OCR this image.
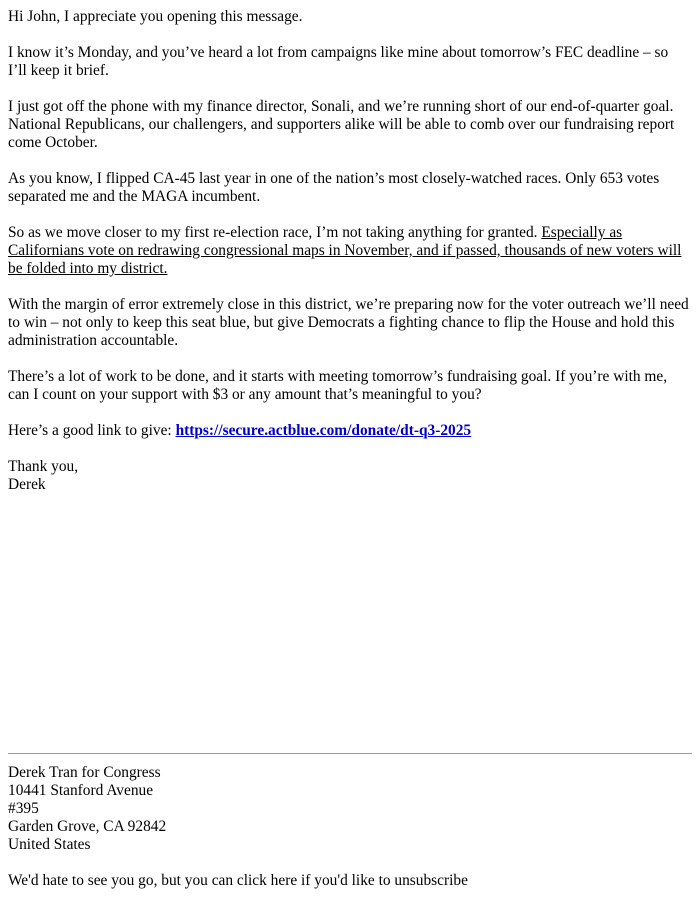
Hi John, I appreciate you opening this message.

I know it’s Monday, and you’ve heard a lot from campaigns like mine about tomorrow’s FEC deadline – so I’ll keep it brief.

I just got off the phone with my finance director, Sonali, and we’re running short of our end-of-quarter goal. National Republicans, our challengers, and supporters alike will be able to comb over our fundraising report come October.

As you know, I flipped CA-45 last year in one of the nation’s most closely-watched races. Only 653 votes separated me and the MAGA incumbent.

So as we move closer to my first re-election race, I’m not taking anything for granted. Especially as Californians vote on redrawing congressional maps in November, and if passed, thousands of new voters will be folded into my district.

With the margin of error extremely close in this district, we’re preparing now for the voter outreach we’ll need to win – not only to keep this seat blue, but give Democrats a fighting chance to flip the House and hold this administration accountable.

There’s a lot of work to be done, and it starts with meeting tomorrow’s fundraising goal. If you’re with me, can I count on your support with $3 or any amount that’s meaningful to you?

Here’s a good link to give: https://secure.actblue.com/donate/dt-q3-2025

Thank you,
Derek

Derek Tran for Congress
10441 Stanford Avenue
#395
Garden Grove, CA 92842
United States
We'd hate to see you go, but you can click here if you'd like to unsubscribe
